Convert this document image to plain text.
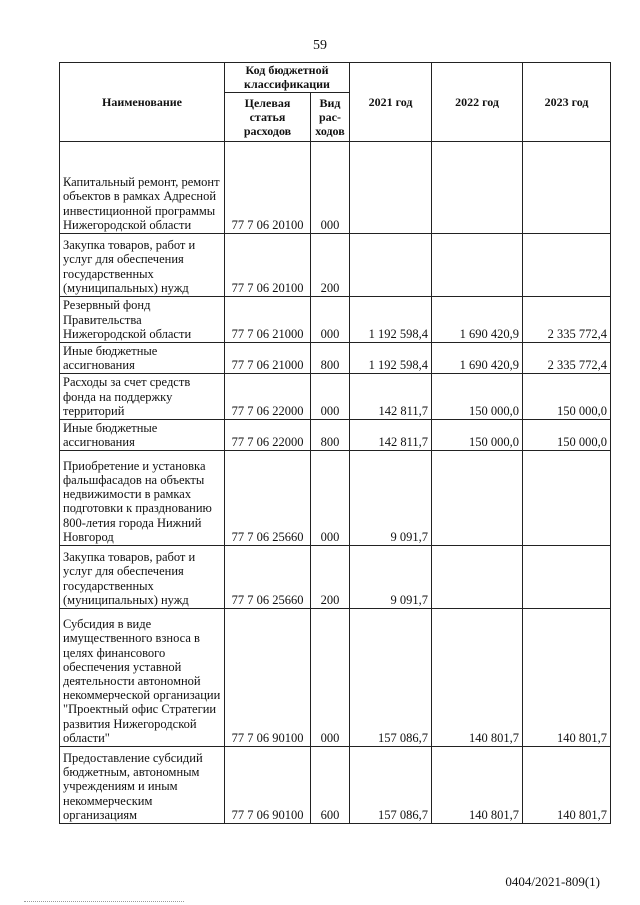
59
Наименование	Код бюджетной классификации		2021 год	2022 год	2023 год
	Целевая статья расходов	Вид рас-ходов			
Капитальный ремонт, ремонт объектов в рамках Адресной инвестиционной программы Нижегородской области	77 7 06 20100	000			
Закупка товаров, работ и услуг для обеспечения государственных (муниципальных) нужд	77 7 06 20100	200			
Резервный фонд Правительства Нижегородской области	77 7 06 21000	000	1 192 598,4	1 690 420,9	2 335 772,4
Иные бюджетные ассигнования	77 7 06 21000	800	1 192 598,4	1 690 420,9	2 335 772,4
Расходы за счет средств фонда на поддержку территорий	77 7 06 22000	000	142 811,7	150 000,0	150 000,0
Иные бюджетные ассигнования	77 7 06 22000	800	142 811,7	150 000,0	150 000,0
Приобретение и установка фальшфасадов на объекты недвижимости в рамках подготовки к празднованию 800-летия города Нижний Новгород	77 7 06 25660	000	9 091,7		
Закупка товаров, работ и услуг для обеспечения государственных (муниципальных) нужд	77 7 06 25660	200	9 091,7		
Субсидия в виде имущественного взноса в целях финансового обеспечения уставной деятельности автономной некоммерческой организации "Проектный офис Стратегии развития Нижегородской области"	77 7 06 90100	000	157 086,7	140 801,7	140 801,7
Предоставление субсидий бюджетным, автономным учреждениям и иным некоммерческим организациям	77 7 06 90100	600	157 086,7	140 801,7	140 801,7
0404/2021-809(1)
